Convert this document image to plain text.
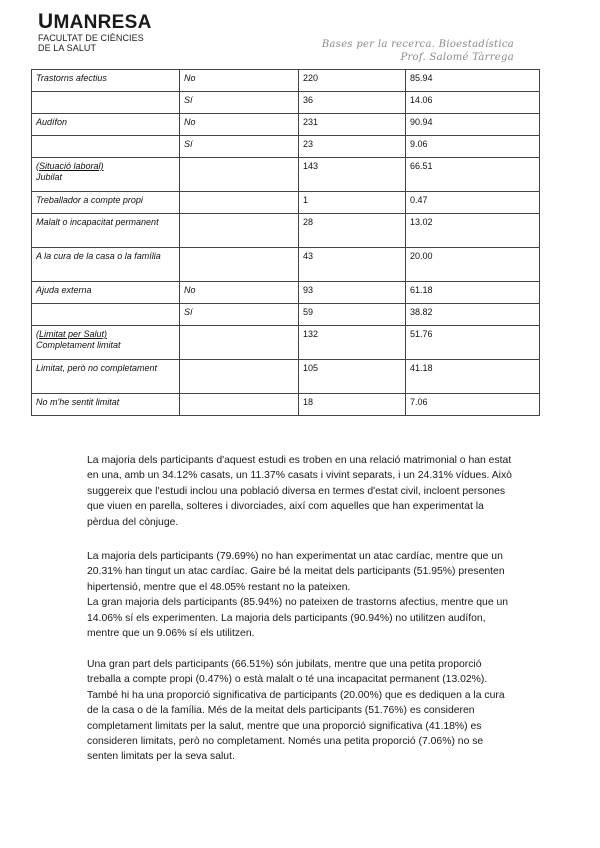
UMANRESA
FACULTAT DE CIÈNCIES
DE LA SALUT	Bases per la recerca. Bioestadística
Prof. Salomé Tàrrega
Trastorns afectius	No	220	85.94
	Sí	36	14.06
Audífon	No	231	90.94
	Sí	23	9.06
(Situació laboral)
Jubilat		143	66.51
Treballador a compte propi		1	0.47
Malalt o incapacitat permanent		28	13.02
A la cura de la casa o la família		43	20.00
Ajuda externa	No	93	61.18
	Sí	59	38.82
(Limitat per Salut)
Completament limitat		132	51.76
Limitat, però no completament		105	41.18
No m'he sentit limitat		18	7.06

La majoria dels participants d'aquest estudi es troben en una relació matrimonial o han estat en una, amb un 34.12% casats, un 11.37% casats i vivint separats, i un 24.31% vídues. Això suggereix que l'estudi inclou una població diversa en termes d'estat civil, incloent persones que viuen en parella, solteres i divorciades, així com aquelles que han experimentat la pèrdua del cònjuge.

La majoria dels participants (79.69%) no han experimentat un atac cardíac, mentre que un 20.31% han tingut un atac cardíac. Gaire bé la meitat dels participants (51.95%) presenten hipertensió, mentre que el 48.05% restant no la pateixen.

La gran majoria dels participants (85.94%) no pateixen de trastorns afectius, mentre que un 14.06% sí els experimenten. La majoria dels participants (90.94%) no utilitzen audífon, mentre que un 9.06% sí els utilitzen.

Una gran part dels participants (66.51%) són jubilats, mentre que una petita proporció treballa a compte propi (0.47%) o està malalt o té una incapacitat permanent (13.02%). També hi ha una proporció significativa de participants (20.00%) que es dediquen a la cura de la casa o de la família. Més de la meitat dels participants (51.76%) es consideren completament limitats per la salut, mentre que una proporció significativa (41.18%) es consideren limitats, però no completament. Només una petita proporció (7.06%) no se senten limitats per la seva salut.
